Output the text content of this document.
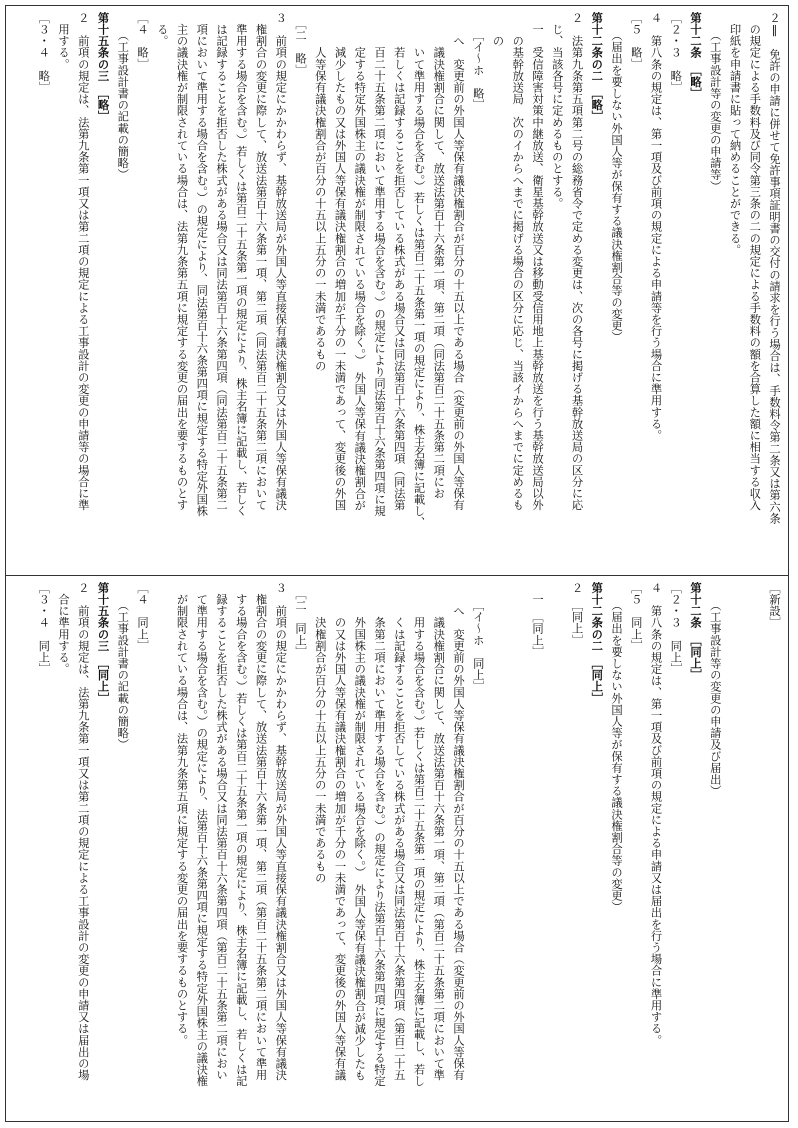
２‖　免許の申請に併せて免許事項証明書の交付の請求を行う場合は、手数料令第二条又は第六条

　の規定による手数料及び同令第三条の二の規定による手数料の額を合算した額に相当する収入

　印紙を申請書に貼って納めることができる。

　　（工事設計等の変更の申請等）

第十二条　［略］

［２・３　略］

４　第八条の規定は、第一項及び前項の規定による申請等を行う場合に準用する。

［５　略］

　　（届出を要しない外国人等が保有する議決権割合等の変更）

第十二条の二　［略］

２　法第九条第五項第二号の総務省令で定める変更は、次の各号に掲げる基幹放送局の区分に応

　じ、当該各号に定めるものとする。

　一　受信障害対策中継放送、衛星基幹放送又は移動受信用地上基幹放送を行う基幹放送局以外

　　の基幹放送局　次のイからへまでに掲げる場合の区分に応じ、当該イからへまでに定めるも

　　の

　　［イ〜ホ　略］

　　へ　変更前の外国人等保有議決権割合が百分の十五以上である場合（変更前の外国人等保有

　　　議決権割合に関して、放送法第百十六条第一項、第二項（同法第百二十五条第二項にお

　　　いて準用する場合を含む。）若しくは第百二十五条第一項の規定により、株主名簿に記載し、

　　　若しくは記録することを拒否している株式がある場合又は同法第百十六条第四項（同法第

　　　百二十五条第二項において準用する場合を含む。）の規定により同法第百十六条第四項に規

　　　定する特定外国株主の議決権が制限されている場合を除く。）　外国人等保有議決権割合が

　　　減少したもの又は外国人等保有議決権割合の増加が千分の一未満であって、変更後の外国

　　　人等保有議決権割合が百分の十五以上五分の一未満であるもの

　［二　略］

３　前項の規定にかかわらず、基幹放送局が外国人等直接保有議決権割合又は外国人等保有議決

　権割合の変更に際して、放送法第百十六条第一項、第二項（同法第百二十五条第二項において

　準用する場合を含む。）若しくは第百二十五条第一項の規定により、株主名簿に記載し、若しく

　は記録することを拒否した株式がある場合又は同法第百十六条第四項（同法第百二十五条第二

　項において準用する場合を含む。）の規定により、同法第百十六条第四項に規定する特定外国株

　主の議決権が制限されている場合は、法第九条第五項に規定する変更の届出を要するものとす

　る。

［４　略］

　　（工事設計書の記載の簡略）

第十五条の三　［略］

２　前項の規定は、法第九条第一項又は第二項の規定による工事設計の変更の申請等の場合に準

　用する。

［３・４　略］

［新設］

　　（工事設計等の変更の申請及び届出）

第十二条　［同上］

［２・３　同上］

４　第八条の規定は、第一項及び前項の規定による申請又は届出を行う場合に準用する。

［５　同上］

　　（届出を要しない外国人等が保有する議決権割合等の変更）

第十二条の二　［同上］

２　［同上］

　一　［同上］

　　［イ〜ホ　同上］

　　へ　変更前の外国人等保有議決権割合が百分の十五以上である場合（変更前の外国人等保有

　　　議決権割合に関して、放送法第百十六条第一項、第二項（第百二十五条第二項において準

　　　用する場合を含む。）若しくは第百二十五条第一項の規定により、株主名簿に記載し、若し

　　　くは記録することを拒否している株式がある場合又は同法第百十六条第四項（第百二十五

　　　条第二項において準用する場合を含む。）の規定により法第百十六条第四項に規定する特定

　　　外国株主の議決権が制限されている場合を除く。）　外国人等保有議決権割合が減少したも

　　　の又は外国人等保有議決権割合の増加が千分の一未満であって、変更後の外国人等保有議

　　　決権割合が百分の十五以上五分の一未満であるもの

　［二　同上］

３　前項の規定にかかわらず、基幹放送局が外国人等直接保有議決権割合又は外国人等保有議決

　権割合の変更に際して、放送法第百十六条第一項、第二項（第百二十五条第二項において準用

　する場合を含む。）若しくは第百二十五条第一項の規定により、株主名簿に記載し、若しくは記

　録することを拒否した株式がある場合又は同法第百十六条第四項（第百二十五条第二項におい

　て準用する場合を含む。）の規定により、法第百十六条第四項に規定する特定外国株主の議決権

　が制限されている場合は、法第九条第五項に規定する変更の届出を要するものとする。

［４　同上］

　　（工事設計書の記載の簡略）

第十五条の三　［同上］

２　前項の規定は、法第九条第一項又は第二項の規定による工事設計の変更の申請又は届出の場

　合に準用する。

［３・４　同上］
